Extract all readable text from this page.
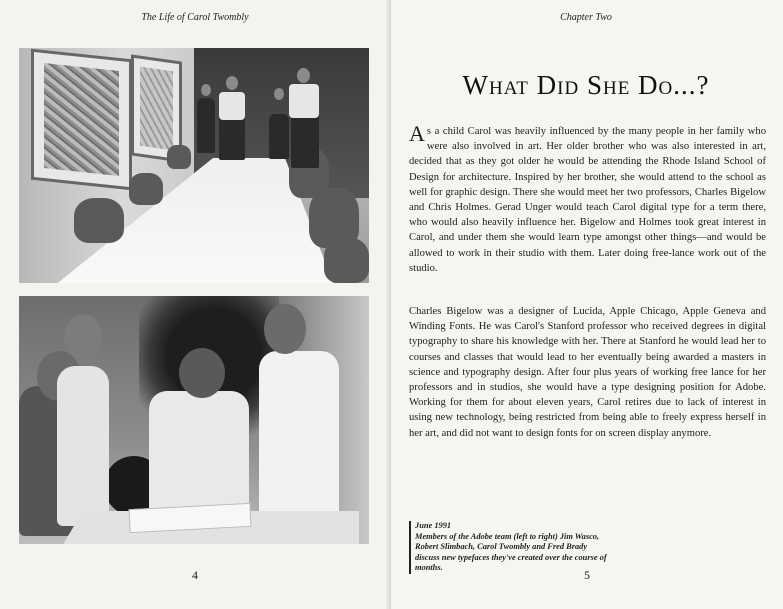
The Life of Carol Twombly
4
Chapter Two
What Did She Do...?

As a child Carol was heavily influenced by the many people in her family who were also involved in art. Her older brother who was also interested in art, decided that as they got older he would be attending the Rhode Island School of Design for architecture. Inspired by her brother, she would attend to the school as well for graphic design. There she would meet her two professors, Charles Bigelow and Chris Holmes. Gerad Unger would teach Carol digital type for a term there, who would also heavily influence her. Bigelow and Holmes took great interest in Carol, and under them she would learn type amongst other things—and would be allowed to work in their studio with them. Later doing free-lance work out of the studio.

Charles Bigelow was a designer of Lucida, Apple Chicago, Apple Geneva and Winding Fonts. He was Carol's Stanford professor who received degrees in digital typography to share his knowledge with her. There at Stanford he would lead her to courses and classes that would lead to her eventually being awarded a masters in science and typography design. After four plus years of working free lance for her professors and in studios, she would have a type designing position for Adobe. Working for them for about eleven years, Carol retires due to lack of interest in using new technology, being restricted from being able to freely express herself in her art, and did not want to design fonts for on screen display anymore.

June 1991
Members of the Adobe team (left to right) Jim Wasco, Robert Slimbach, Carol Twombly and Fred Brady discuss new typefaces they've created over the course of months.
5
